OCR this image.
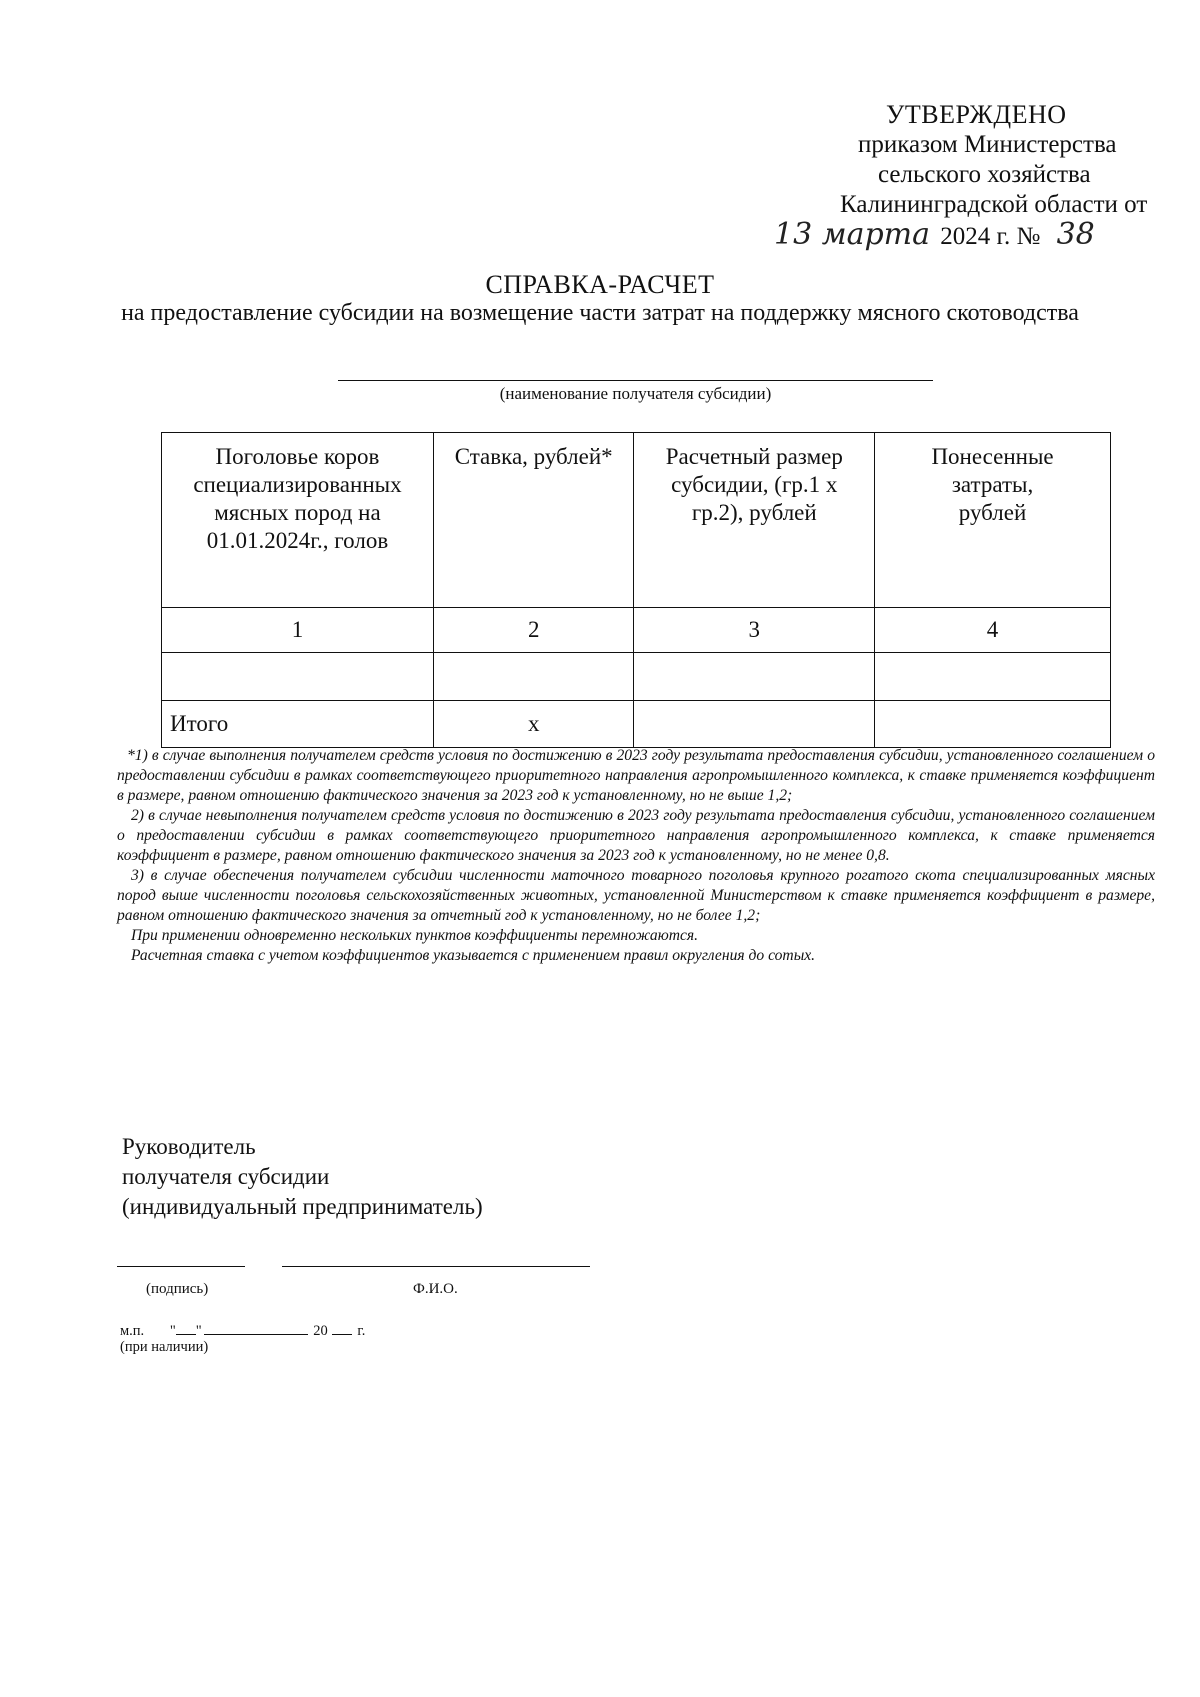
УТВЕРЖДЕНО
приказом Министерства
сельского хозяйства
Калининградской области от
13 марта 2024 г. № 38
СПРАВКА-РАСЧЕТ
на предоставление субсидии на возмещение части затрат на поддержку мясного скотоводства
(наименование получателя субсидии)
Поголовье коров специализированных мясных пород на 01.01.2024г., голов	Ставка, рублей*	Расчетный размер субсидии, (гр.1 х гр.2), рублей	Понесенные затраты, рублей
1	2	3	4

Итого	х		

*1) в случае выполнения получателем средств условия по достижению в 2023 году результата предоставления субсидии, установленного соглашением о предоставлении субсидии в рамках соответствующего приоритетного направления агропромышленного комплекса, к ставке применяется коэффициент в размере, равном отношению фактического значения за 2023 год к установленному, но не выше 1,2;

2) в случае невыполнения получателем средств условия по достижению в 2023 году результата предоставления субсидии, установленного соглашением о предоставлении субсидии в рамках соответствующего приоритетного направления агропромышленного комплекса, к ставке применяется коэффициент в размере, равном отношению фактического значения за 2023 год к установленному, но не менее 0,8.

3) в случае обеспечения получателем субсидии численности маточного товарного поголовья крупного рогатого скота специализированных мясных пород выше численности поголовья сельскохозяйственных животных, установленной Министерством к ставке применяется коэффициент в размере, равном отношению фактического значения за отчетный год к установленному, но не более 1,2;

При применении одновременно нескольких пунктов коэффициенты перемножаются.

Расчетная ставка с учетом коэффициентов указывается с применением правил округления до сотых.

Руководитель
получателя субсидии
(индивидуальный предприниматель)
(подпись)	Ф.И.О.
м.п. " "	20 г.
(при наличии)
